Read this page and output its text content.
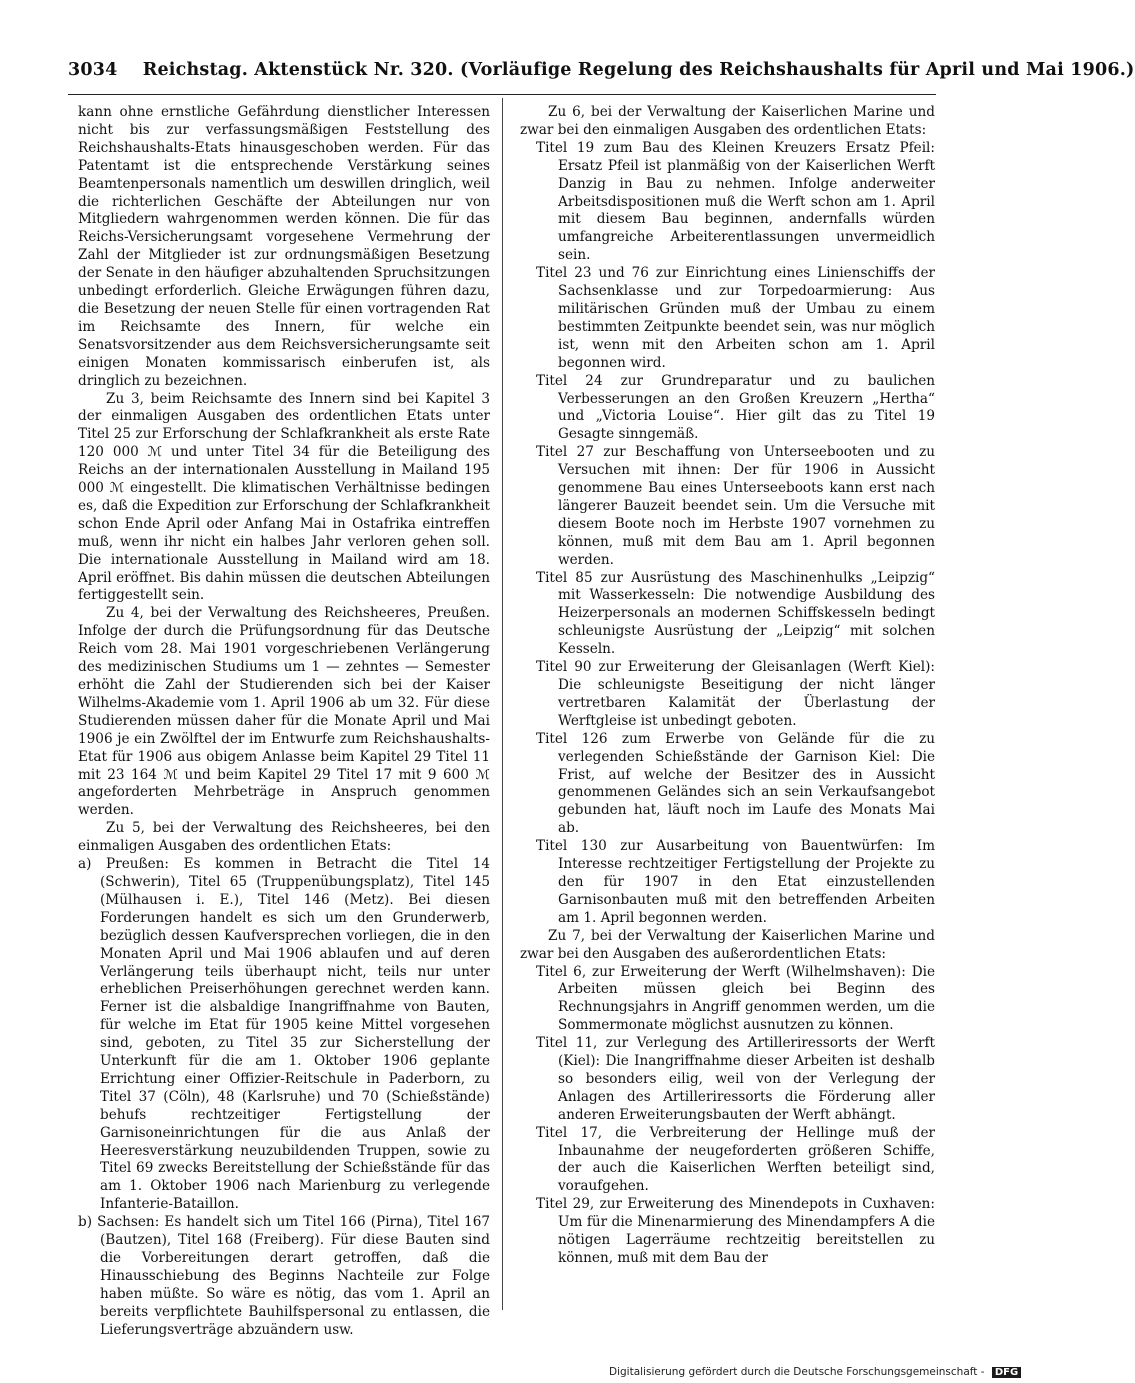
3034 Reichstag. Aktenstück Nr. 320. (Vorläufige Regelung des Reichshaushalts für April und Mai 1906.)

kann ohne ernstliche Gefährdung dienstlicher Interessen nicht bis zur verfassungsmäßigen Feststellung des Reichshaushalts-Etats hinausgeschoben werden. Für das Patentamt ist die entsprechende Verstärkung seines Beamtenpersonals namentlich um deswillen dringlich, weil die richterlichen Geschäfte der Abteilungen nur von Mitgliedern wahrgenommen werden können. Die für das Reichs-Versicherungsamt vorgesehene Vermehrung der Zahl der Mitglieder ist zur ordnungsmäßigen Besetzung der Senate in den häufiger abzuhaltenden Spruchsitzungen unbedingt erforderlich. Gleiche Erwägungen führen dazu, die Besetzung der neuen Stelle für einen vortragenden Rat im Reichsamte des Innern, für welche ein Senatsvorsitzender aus dem Reichsversicherungsamte seit einigen Monaten kommissarisch einberufen ist, als dringlich zu bezeichnen.

Zu 3, beim Reichsamte des Innern sind bei Kapitel 3 der einmaligen Ausgaben des ordentlichen Etats unter Titel 25 zur Erforschung der Schlafkrankheit als erste Rate 120 000 ℳ und unter Titel 34 für die Beteiligung des Reichs an der internationalen Ausstellung in Mailand 195 000 ℳ eingestellt. Die klimatischen Verhältnisse bedingen es, daß die Expedition zur Erforschung der Schlafkrankheit schon Ende April oder Anfang Mai in Ostafrika eintreffen muß, wenn ihr nicht ein halbes Jahr verloren gehen soll. Die internationale Ausstellung in Mailand wird am 18. April eröffnet. Bis dahin müssen die deutschen Abteilungen fertiggestellt sein.

Zu 4, bei der Verwaltung des Reichsheeres, Preußen. Infolge der durch die Prüfungsordnung für das Deutsche Reich vom 28. Mai 1901 vorgeschriebenen Verlängerung des medizinischen Studiums um 1 — zehntes — Semester erhöht die Zahl der Studierenden sich bei der Kaiser Wilhelms-Akademie vom 1. April 1906 ab um 32. Für diese Studierenden müssen daher für die Monate April und Mai 1906 je ein Zwölftel der im Entwurfe zum Reichshaushalts-Etat für 1906 aus obigem Anlasse beim Kapitel 29 Titel 11 mit 23 164 ℳ und beim Kapitel 29 Titel 17 mit 9 600 ℳ angeforderten Mehrbeträge in Anspruch genommen werden.

Zu 5, bei der Verwaltung des Reichsheeres, bei den einmaligen Ausgaben des ordentlichen Etats:

a) Preußen: Es kommen in Betracht die Titel 14 (Schwerin), Titel 65 (Truppenübungsplatz), Titel 145 (Mülhausen i. E.), Titel 146 (Metz). Bei diesen Forderungen handelt es sich um den Grunderwerb, bezüglich dessen Kaufversprechen vorliegen, die in den Monaten April und Mai 1906 ablaufen und auf deren Verlängerung teils überhaupt nicht, teils nur unter erheblichen Preiserhöhungen gerechnet werden kann. Ferner ist die alsbaldige Inangriffnahme von Bauten, für welche im Etat für 1905 keine Mittel vorgesehen sind, geboten, zu Titel 35 zur Sicherstellung der Unterkunft für die am 1. Oktober 1906 geplante Errichtung einer Offizier-Reitschule in Paderborn, zu Titel 37 (Cöln), 48 (Karlsruhe) und 70 (Schießstände) behufs rechtzeitiger Fertigstellung der Garnisoneinrichtungen für die aus Anlaß der Heeresverstärkung neuzubildenden Truppen, sowie zu Titel 69 zwecks Bereitstellung der Schießstände für das am 1. Oktober 1906 nach Marienburg zu verlegende Infanterie-Bataillon.

b) Sachsen: Es handelt sich um Titel 166 (Pirna), Titel 167 (Bautzen), Titel 168 (Freiberg). Für diese Bauten sind die Vorbereitungen derart getroffen, daß die Hinausschiebung des Beginns Nachteile zur Folge haben müßte. So wäre es nötig, das vom 1. April an bereits verpflichtete Bauhilfspersonal zu entlassen, die Lieferungsverträge abzuändern usw.

Zu 6, bei der Verwaltung der Kaiserlichen Marine und zwar bei den einmaligen Ausgaben des ordentlichen Etats:

Titel 19 zum Bau des Kleinen Kreuzers Ersatz Pfeil: Ersatz Pfeil ist planmäßig von der Kaiserlichen Werft Danzig in Bau zu nehmen. Infolge anderweiter Arbeitsdispositionen muß die Werft schon am 1. April mit diesem Bau beginnen, andernfalls würden umfangreiche Arbeiterentlassungen unvermeidlich sein.

Titel 23 und 76 zur Einrichtung eines Linienschiffs der Sachsenklasse und zur Torpedoarmierung: Aus militärischen Gründen muß der Umbau zu einem bestimmten Zeitpunkte beendet sein, was nur möglich ist, wenn mit den Arbeiten schon am 1. April begonnen wird.

Titel 24 zur Grundreparatur und zu baulichen Verbesserungen an den Großen Kreuzern „Hertha“ und „Victoria Louise“. Hier gilt das zu Titel 19 Gesagte sinngemäß.

Titel 27 zur Beschaffung von Unterseebooten und zu Versuchen mit ihnen: Der für 1906 in Aussicht genommene Bau eines Unterseeboots kann erst nach längerer Bauzeit beendet sein. Um die Versuche mit diesem Boote noch im Herbste 1907 vornehmen zu können, muß mit dem Bau am 1. April begonnen werden.

Titel 85 zur Ausrüstung des Maschinenhulks „Leipzig“ mit Wasserkesseln: Die notwendige Ausbildung des Heizerpersonals an modernen Schiffskesseln bedingt schleunigste Ausrüstung der „Leipzig“ mit solchen Kesseln.

Titel 90 zur Erweiterung der Gleisanlagen (Werft Kiel): Die schleunigste Beseitigung der nicht länger vertretbaren Kalamität der Überlastung der Werftgleise ist unbedingt geboten.

Titel 126 zum Erwerbe von Gelände für die zu verlegenden Schießstände der Garnison Kiel: Die Frist, auf welche der Besitzer des in Aussicht genommenen Geländes sich an sein Verkaufsangebot gebunden hat, läuft noch im Laufe des Monats Mai ab.

Titel 130 zur Ausarbeitung von Bauentwürfen: Im Interesse rechtzeitiger Fertigstellung der Projekte zu den für 1907 in den Etat einzustellenden Garnisonbauten muß mit den betreffenden Arbeiten am 1. April begonnen werden.

Zu 7, bei der Verwaltung der Kaiserlichen Marine und zwar bei den Ausgaben des außerordentlichen Etats:

Titel 6, zur Erweiterung der Werft (Wilhelmshaven): Die Arbeiten müssen gleich bei Beginn des Rechnungsjahrs in Angriff genommen werden, um die Sommermonate möglichst ausnutzen zu können.

Titel 11, zur Verlegung des Artilleriressorts der Werft (Kiel): Die Inangriffnahme dieser Arbeiten ist deshalb so besonders eilig, weil von der Verlegung der Anlagen des Artilleriressorts die Förderung aller anderen Erweiterungsbauten der Werft abhängt.

Titel 17, die Verbreiterung der Hellinge muß der Inbaunahme der neugeforderten größeren Schiffe, der auch die Kaiserlichen Werften beteiligt sind, voraufgehen.

Titel 29, zur Erweiterung des Minendepots in Cuxhaven: Um für die Minenarmierung des Minendampfers A die nötigen Lagerräume rechtzeitig bereitstellen zu können, muß mit dem Bau der

Digitalisierung gefördert durch die Deutsche Forschungsgemeinschaft - DFG
